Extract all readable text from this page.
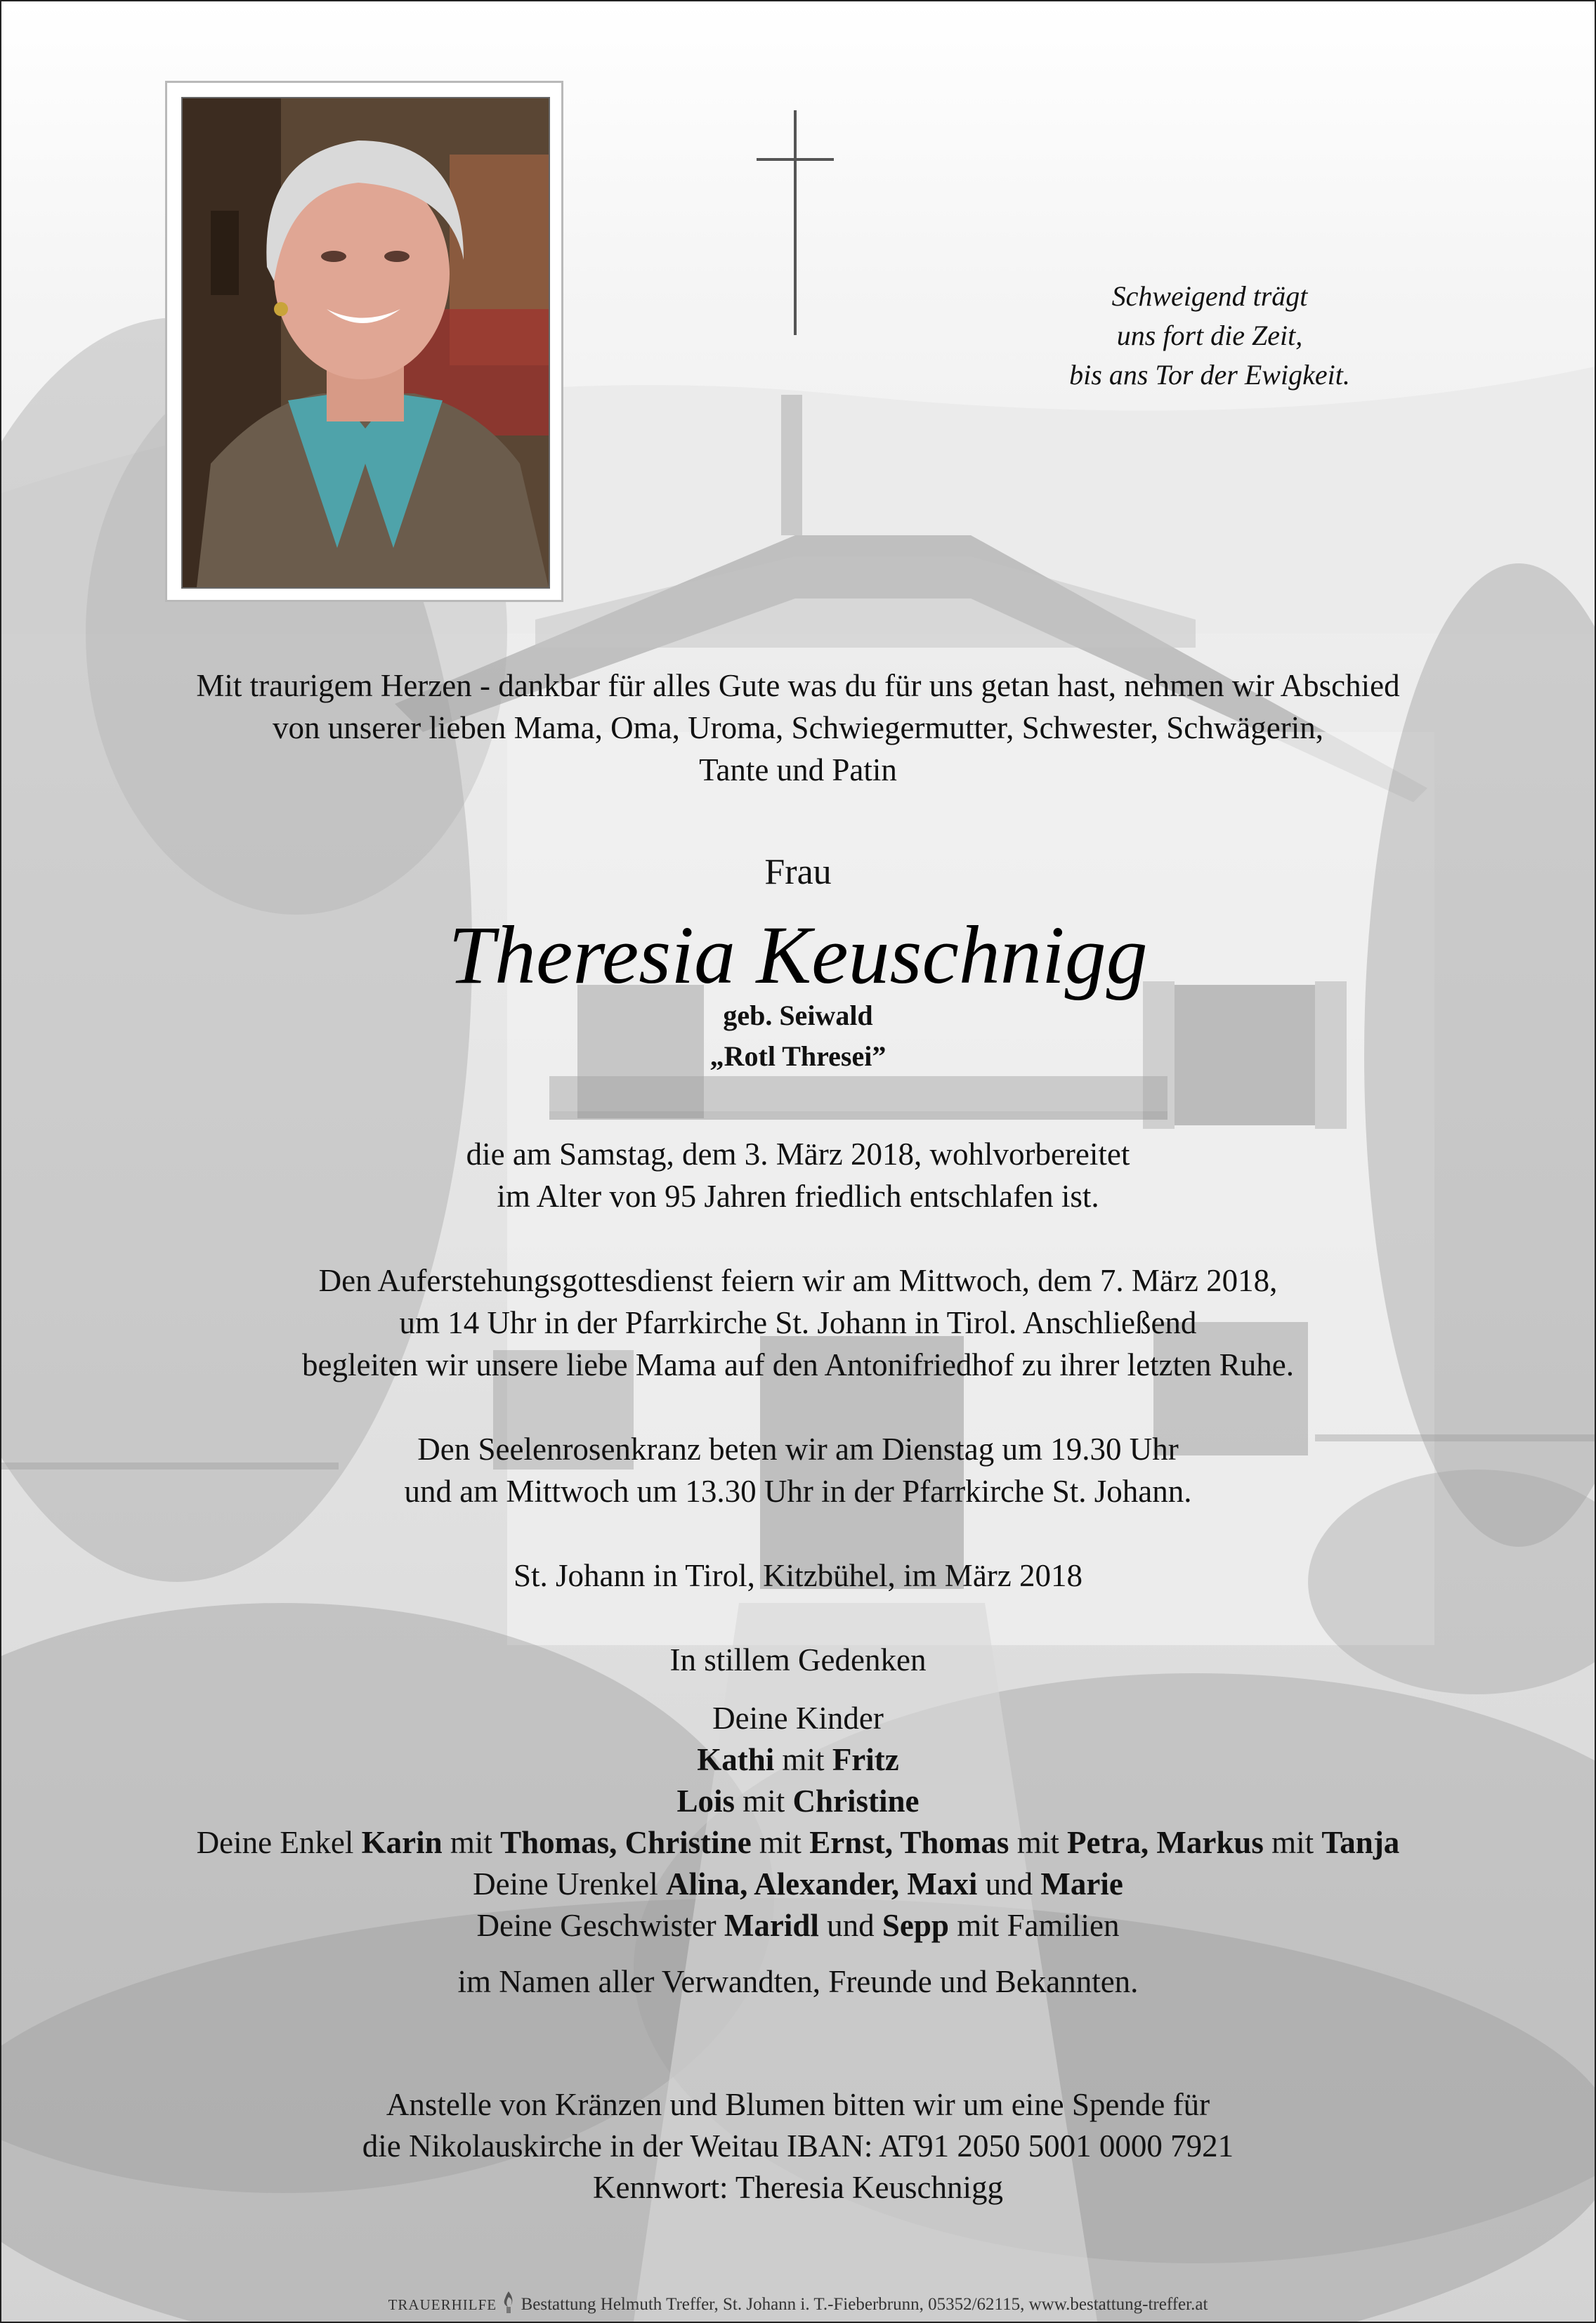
Schweigend trägt
uns fort die Zeit,
bis ans Tor der Ewigkeit.
Mit traurigem Herzen - dankbar für alles Gute was du für uns getan hast, nehmen wir Abschied
von unserer lieben Mama, Oma, Uroma, Schwiegermutter, Schwester, Schwägerin,
Tante und Patin
Frau
Theresia Keuschnigg
geb. Seiwald
„Rotl Thresei”
die am Samstag, dem 3. März 2018, wohlvorbereitet
im Alter von 95 Jahren friedlich entschlafen ist.
Den Auferstehungsgottesdienst feiern wir am Mittwoch, dem 7. März 2018,
um 14 Uhr in der Pfarrkirche St. Johann in Tirol. Anschließend
begleiten wir unsere liebe Mama auf den Antonifriedhof zu ihrer letzten Ruhe.
Den Seelenrosenkranz beten wir am Dienstag um 19.30 Uhr
und am Mittwoch um 13.30 Uhr in der Pfarrkirche St. Johann.
St. Johann in Tirol, Kitzbühel, im März 2018
In stillem Gedenken
Deine Kinder
Kathi mit Fritz
Lois mit Christine
Deine Enkel Karin mit Thomas, Christine mit Ernst, Thomas mit Petra, Markus mit Tanja
Deine Urenkel Alina, Alexander, Maxi und Marie
Deine Geschwister Maridl und Sepp mit Familien
im Namen aller Verwandten, Freunde und Bekannten.
Anstelle von Kränzen und Blumen bitten wir um eine Spende für
die Nikolauskirche in der Weitau IBAN: AT91 2050 5001 0000 7921
Kennwort: Theresia Keuschnigg
TRAUERHILFE Bestattung Helmuth Treffer, St. Johann i. T.-Fieberbrunn, 05352/62115, www.bestattung-treffer.at
